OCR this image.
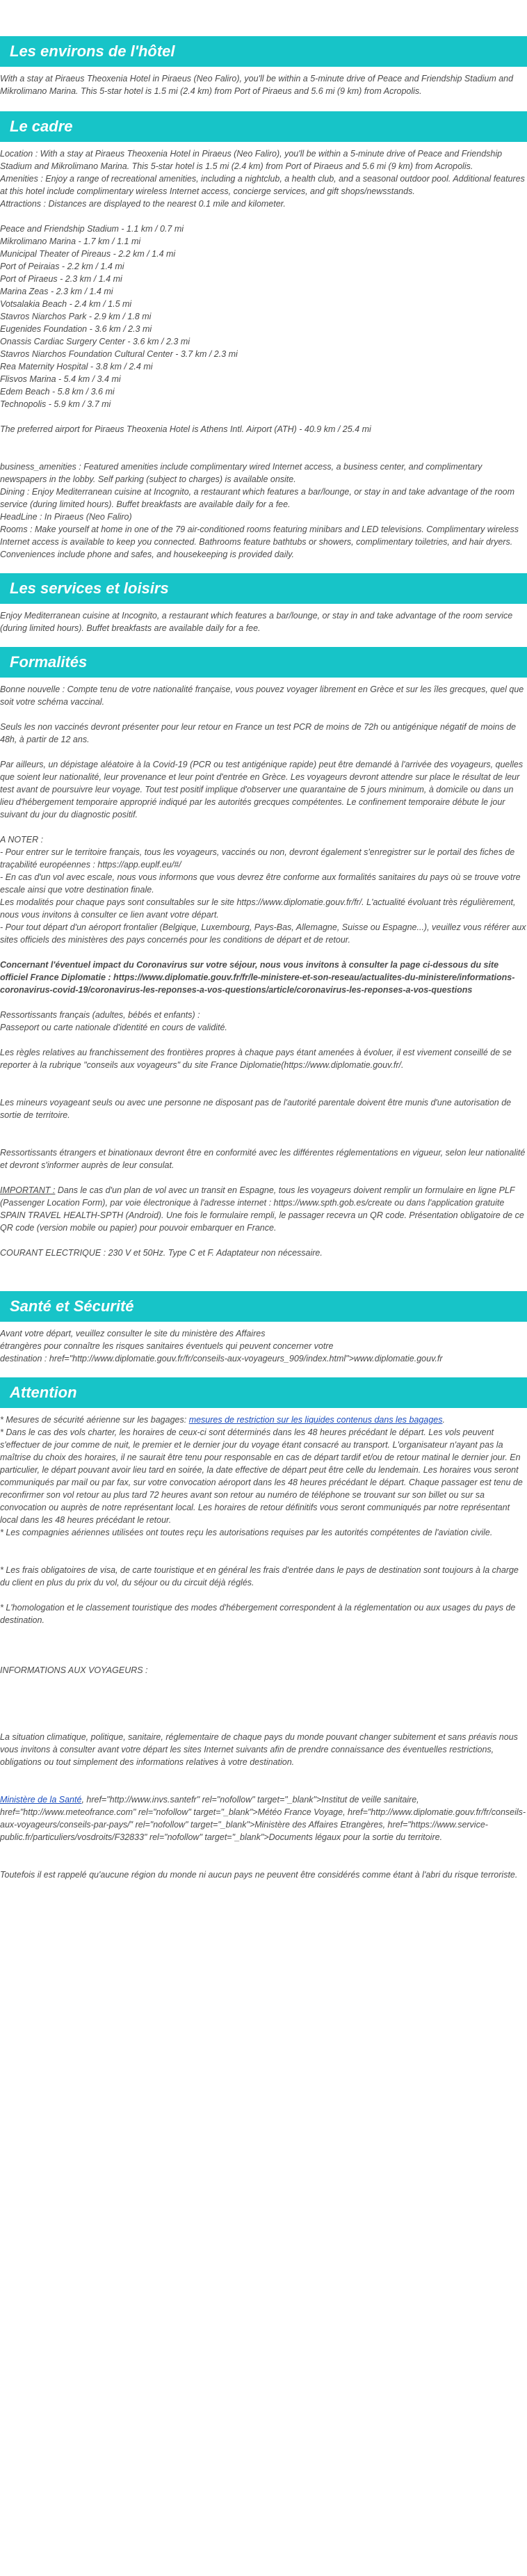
Les environs de l'hôtel

With a stay at Piraeus Theoxenia Hotel in Piraeus (Neo Faliro), you'll be within a 5-minute drive of Peace and Friendship Stadium and Mikrolimano Marina. This 5-star hotel is 1.5 mi (2.4 km) from Port of Piraeus and 5.6 mi (9 km) from Acropolis.

Le cadre
Location : With a stay at Piraeus Theoxenia Hotel in Piraeus (Neo Faliro), you'll be within a 5-minute drive of Peace and Friendship Stadium and Mikrolimano Marina. This 5-star hotel is 1.5 mi (2.4 km) from Port of Piraeus and 5.6 mi (9 km) from Acropolis.
Amenities : Enjoy a range of recreational amenities, including a nightclub, a health club, and a seasonal outdoor pool. Additional features at this hotel include complimentary wireless Internet access, concierge services, and gift shops/newsstands.
Attractions : Distances are displayed to the nearest 0.1 mile and kilometer.
Peace and Friendship Stadium - 1.1 km / 0.7 mi
Mikrolimano Marina - 1.7 km / 1.1 mi
Municipal Theater of Pireaus - 2.2 km / 1.4 mi
Port of Peiraias - 2.2 km / 1.4 mi
Port of Piraeus - 2.3 km / 1.4 mi
Marina Zeas - 2.3 km / 1.4 mi
Votsalakia Beach - 2.4 km / 1.5 mi
Stavros Niarchos Park - 2.9 km / 1.8 mi
Eugenides Foundation - 3.6 km / 2.3 mi
Onassis Cardiac Surgery Center - 3.6 km / 2.3 mi
Stavros Niarchos Foundation Cultural Center - 3.7 km / 2.3 mi
Rea Maternity Hospital - 3.8 km / 2.4 mi
Flisvos Marina - 5.4 km / 3.4 mi
Edem Beach - 5.8 km / 3.6 mi
Technopolis - 5.9 km / 3.7 mi

The preferred airport for Piraeus Theoxenia Hotel is Athens Intl. Airport (ATH) - 40.9 km / 25.4 mi

business_amenities : Featured amenities include complimentary wired Internet access, a business center, and complimentary newspapers in the lobby. Self parking (subject to charges) is available onsite.
Dining : Enjoy Mediterranean cuisine at Incognito, a restaurant which features a bar/lounge, or stay in and take advantage of the room service (during limited hours). Buffet breakfasts are available daily for a fee.
HeadLine : In Piraeus (Neo Faliro)
Rooms : Make yourself at home in one of the 79 air-conditioned rooms featuring minibars and LED televisions. Complimentary wireless Internet access is available to keep you connected. Bathrooms feature bathtubs or showers, complimentary toiletries, and hair dryers. Conveniences include phone and safes, and housekeeping is provided daily.
Les services et loisirs

Enjoy Mediterranean cuisine at Incognito, a restaurant which features a bar/lounge, or stay in and take advantage of the room service (during limited hours). Buffet breakfasts are available daily for a fee.

Formalités

Bonne nouvelle : Compte tenu de votre nationalité française, vous pouvez voyager librement en Grèce et sur les îles grecques, quel que soit votre schéma vaccinal.

Seuls les non vaccinés devront présenter pour leur retour en France un test PCR de moins de 72h ou antigénique négatif de moins de 48h, à partir de 12 ans.

Par ailleurs, un dépistage aléatoire à la Covid-19 (PCR ou test antigénique rapide) peut être demandé à l'arrivée des voyageurs, quelles que soient leur nationalité, leur provenance et leur point d'entrée en Grèce. Les voyageurs devront attendre sur place le résultat de leur test avant de poursuivre leur voyage. Tout test positif implique d'observer une quarantaine de 5 jours minimum, à domicile ou dans un lieu d'hébergement temporaire approprié indiqué par les autorités grecques compétentes. Le confinement temporaire débute le jour suivant du jour du diagnostic positif.

A NOTER :
- Pour entrer sur le territoire français, tous les voyageurs, vaccinés ou non, devront également s'enregistrer sur le portail des fiches de traçabilité européennes : https://app.euplf.eu/#/
- En cas d'un vol avec escale, nous vous informons que vous devrez être conforme aux formalités sanitaires du pays où se trouve votre escale ainsi que votre destination finale.
Les modalités pour chaque pays sont consultables sur le site https://www.diplomatie.gouv.fr/fr/. L'actualité évoluant très régulièrement, nous vous invitons à consulter ce lien avant votre départ.
- Pour tout départ d'un aéroport frontalier (Belgique, Luxembourg, Pays-Bas, Allemagne, Suisse ou Espagne...), veuillez vous référer aux sites officiels des ministères des pays concernés pour les conditions de départ et de retour.

Concernant l'éventuel impact du Coronavirus sur votre séjour, nous vous invitons à consulter la page ci-dessous du site officiel France Diplomatie : https://www.diplomatie.gouv.fr/fr/le-ministere-et-son-reseau/actualites-du-ministere/informations-coronavirus-covid-19/coronavirus-les-reponses-a-vos-questions/article/coronavirus-les-reponses-a-vos-questions

Ressortissants français (adultes, bébés et enfants) :
Passeport ou carte nationale d'identité en cours de validité.

Les règles relatives au franchissement des frontières propres à chaque pays étant amenées à évoluer, il est vivement conseillé de se reporter à la rubrique "conseils aux voyageurs" du site France Diplomatie(https://www.diplomatie.gouv.fr/.

Les mineurs voyageant seuls ou avec une personne ne disposant pas de l'autorité parentale doivent être munis d'une autorisation de sortie de territoire.

Ressortissants étrangers et binationaux devront être en conformité avec les différentes réglementations en vigueur, selon leur nationalité et devront s'informer auprès de leur consulat.

IMPORTANT : Dans le cas d'un plan de vol avec un transit en Espagne, tous les voyageurs doivent remplir un formulaire en ligne PLF (Passenger Location Form), par voie électronique à l'adresse internet : https://www.spth.gob.es/create ou dans l'application gratuite SPAIN TRAVEL HEALTH-SPTH (Android). Une fois le formulaire rempli, le passager recevra un QR code. Présentation obligatoire de ce QR code (version mobile ou papier) pour pouvoir embarquer en France.

COURANT ELECTRIQUE : 230 V et 50Hz. Type C et F. Adaptateur non nécessaire.

Santé et Sécurité
Avant votre départ, veuillez consulter le site du ministère des Affaires
étrangères pour connaître les risques sanitaires éventuels qui peuvent concerner votre
destination : href="http://www.diplomatie.gouv.fr/fr/conseils-aux-voyageurs_909/index.html">www.diplomatie.gouv.fr
Attention
* Mesures de sécurité aérienne sur les bagages: mesures de restriction sur les liquides contenus dans les bagages.
* Dans le cas des vols charter, les horaires de ceux-ci sont déterminés dans les 48 heures précédant le départ. Les vols peuvent s'effectuer de jour comme de nuit, le premier et le dernier jour du voyage étant consacré au transport. L'organisateur n'ayant pas la maîtrise du choix des horaires, il ne saurait être tenu pour responsable en cas de départ tardif et/ou de retour matinal le dernier jour. En particulier, le départ pouvant avoir lieu tard en soirée, la date effective de départ peut être celle du lendemain. Les horaires vous seront communiqués par mail ou par fax, sur votre convocation aéroport dans les 48 heures précédant le départ. Chaque passager est tenu de reconfirmer son vol retour au plus tard 72 heures avant son retour au numéro de téléphone se trouvant sur son billet ou sur sa convocation ou auprès de notre représentant local. Les horaires de retour définitifs vous seront communiqués par notre représentant local dans les 48 heures précédant le retour.
* Les compagnies aériennes utilisées ont toutes reçu les autorisations requises par les autorités compétentes de l'aviation civile.

* Les frais obligatoires de visa, de carte touristique et en général les frais d'entrée dans le pays de destination sont toujours à la charge du client en plus du prix du vol, du séjour ou du circuit déjà réglés.

* L'homologation et le classement touristique des modes d'hébergement correspondent à la réglementation ou aux usages du pays de destination.

INFORMATIONS AUX VOYAGEURS :

La situation climatique, politique, sanitaire, réglementaire de chaque pays du monde pouvant changer subitement et sans préavis nous vous invitons à consulter avant votre départ les sites Internet suivants afin de prendre connaissance des éventuelles restrictions, obligations ou tout simplement des informations relatives à votre destination.

Ministère de la Santé, href="http://www.invs.santefr" rel="nofollow" target="_blank">Institut de veille sanitaire, href="http://www.meteofrance.com" rel="nofollow" target="_blank">Météo France Voyage, href="http://www.diplomatie.gouv.fr/fr/conseils-aux-voyageurs/conseils-par-pays/" rel="nofollow" target="_blank">Ministère des Affaires Etrangères, href="https://www.service-public.fr/particuliers/vosdroits/F32833" rel="nofollow" target="_blank">Documents légaux pour la sortie du territoire.

Toutefois il est rappelé qu'aucune région du monde ni aucun pays ne peuvent être considérés comme étant à l'abri du risque terroriste.
